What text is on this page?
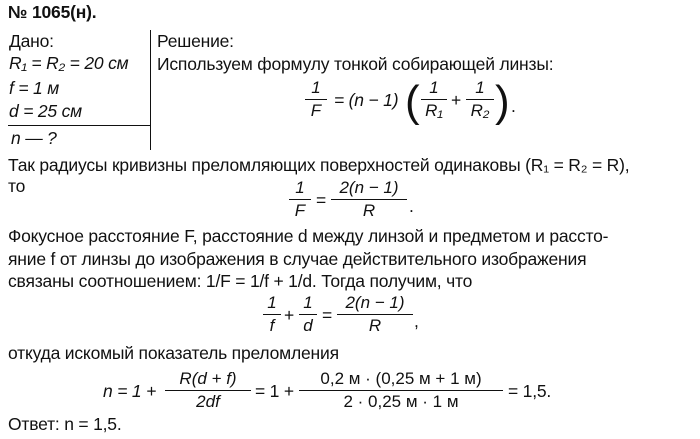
№ 1065(н).
Дано:
R₁ = R₂ = 20 см
f = 1 м
d = 25 см
n — ?
Решение:
Используем формулу тонкой собирающей линзы:
1
F
= (n − 1) ( 1
R₁
+
1
R₂ ) .
Так радиусы кривизны преломляющих поверхностей одинаковы (R₁ = R₂ = R),
то	1
F
=
2(n − 1)
R	.
Фокусное расстояние F, расстояние d между линзой и предметом и рассто-
яние f от линзы до изображения в случае действительного изображения
связаны соотношением: 1/F = 1/f + 1/d. Тогда получим, что
1
f
+
1
d
=
2(n − 1)
R	,
откуда искомый показатель преломления
n = 1 +
R(d + f)
2df
= 1 +
0,2 м · (0,25 м + 1 м)
2 · 0,25 м · 1 м
= 1,5.
Ответ: n = 1,5.
